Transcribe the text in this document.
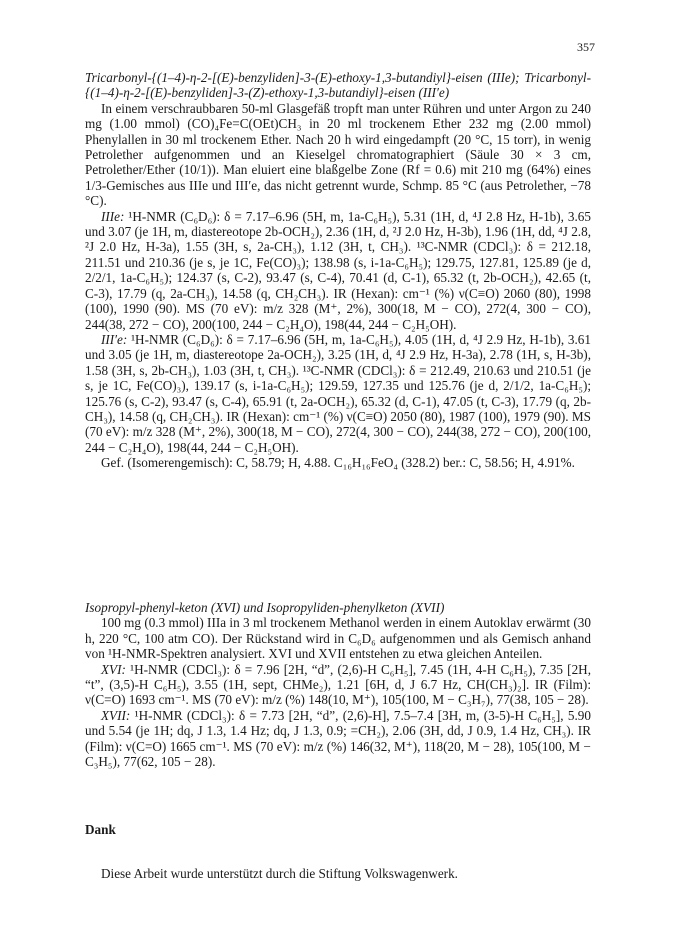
357

Tricarbonyl-{(1–4)-η-2-[(E)-benzyliden]-3-(E)-ethoxy-1,3-butandiyl}-eisen (IIIe); Tricarbonyl-{(1–4)-η-2-[(E)-benzyliden]-3-(Z)-ethoxy-1,3-butandiyl}-eisen (III′e)

In einem verschraubbaren 50-ml Glasgefäß tropft man unter Rühren und unter Argon zu 240 mg (1.00 mmol) (CO)₄Fe=C(OEt)CH₃ in 20 ml trockenem Ether 232 mg (2.00 mmol) Phenylallen in 30 ml trockenem Ether. Nach 20 h wird eingedampft (20 °C, 15 torr), in wenig Petrolether aufgenommen und an Kieselgel chromatographiert (Säule 30 × 3 cm, Petrolether/Ether (10/1)). Man eluiert eine blaßgelbe Zone (Rf = 0.6) mit 210 mg (64%) eines 1/3-Gemisches aus IIIe und III′e, das nicht getrennt wurde, Schmp. 85 °C (aus Petrolether, −78 °C).

IIIe: ¹H-NMR (C₆D₆): δ = 7.17–6.96 (5H, m, 1a-C₆H₅), 5.31 (1H, d, ⁴J 2.8 Hz, H-1b), 3.65 und 3.07 (je 1H, m, diastereotope 2b-OCH₂), 2.36 (1H, d, ²J 2.0 Hz, H-3b), 1.96 (1H, dd, ⁴J 2.8, ²J 2.0 Hz, H-3a), 1.55 (3H, s, 2a-CH₃), 1.12 (3H, t, CH₃). ¹³C-NMR (CDCl₃): δ = 212.18, 211.51 und 210.36 (je s, je 1C, Fe(CO)₃); 138.98 (s, i-1a-C₆H₅); 129.75, 127.81, 125.89 (je d, 2/2/1, 1a-C₆H₅); 124.37 (s, C-2), 93.47 (s, C-4), 70.41 (d, C-1), 65.32 (t, 2b-OCH₂), 42.65 (t, C-3), 17.79 (q, 2a-CH₃), 14.58 (q, CH₂CH₃). IR (Hexan): cm⁻¹ (%) ν(C≡O) 2060 (80), 1998 (100), 1990 (90). MS (70 eV): m/z 328 (M⁺, 2%), 300(18, M − CO), 272(4, 300 − CO), 244(38, 272 − CO), 200(100, 244 − C₂H₄O), 198(44, 244 − C₂H₅OH).

III′e: ¹H-NMR (C₆D₆): δ = 7.17–6.96 (5H, m, 1a-C₆H₅), 4.05 (1H, d, ⁴J 2.9 Hz, H-1b), 3.61 und 3.05 (je 1H, m, diastereotope 2a-OCH₂), 3.25 (1H, d, ⁴J 2.9 Hz, H-3a), 2.78 (1H, s, H-3b), 1.58 (3H, s, 2b-CH₃), 1.03 (3H, t, CH₃). ¹³C-NMR (CDCl₃): δ = 212.49, 210.63 und 210.51 (je s, je 1C, Fe(CO)₃), 139.17 (s, i-1a-C₆H₅); 129.59, 127.35 und 125.76 (je d, 2/1/2, 1a-C₆H₅); 125.76 (s, C-2), 93.47 (s, C-4), 65.91 (t, 2a-OCH₂), 65.32 (d, C-1), 47.05 (t, C-3), 17.79 (q, 2b-CH₃), 14.58 (q, CH₂CH₃). IR (Hexan): cm⁻¹ (%) ν(C≡O) 2050 (80), 1987 (100), 1979 (90). MS (70 eV): m/z 328 (M⁺, 2%), 300(18, M − CO), 272(4, 300 − CO), 244(38, 272 − CO), 200(100, 244 − C₂H₄O), 198(44, 244 − C₂H₅OH).

Gef. (Isomerengemisch): C, 58.79; H, 4.88. C₁₆H₁₆FeO₄ (328.2) ber.: C, 58.56; H, 4.91%.

Isopropyl-phenyl-keton (XVI) und Isopropyliden-phenylketon (XVII)

100 mg (0.3 mmol) IIIa in 3 ml trockenem Methanol werden in einem Autoklav erwärmt (30 h, 220 °C, 100 atm CO). Der Rückstand wird in C₆D₆ aufgenommen und als Gemisch anhand von ¹H-NMR-Spektren analysiert. XVI und XVII entstehen zu etwa gleichen Anteilen.

XVI: ¹H-NMR (CDCl₃): δ = 7.96 [2H, “d”, (2,6)-H C₆H₅], 7.45 (1H, 4-H C₆H₅), 7.35 [2H, “t”, (3,5)-H C₆H₅), 3.55 (1H, sept, CHMe₂), 1.21 [6H, d, J 6.7 Hz, CH(CH₃)₂]. IR (Film): ν(C=O) 1693 cm⁻¹. MS (70 eV): m/z (%) 148(10, M⁺), 105(100, M − C₃H₇), 77(38, 105 − 28).

XVII: ¹H-NMR (CDCl₃): δ = 7.73 [2H, “d”, (2,6)-H], 7.5–7.4 [3H, m, (3-5)-H C₆H₅], 5.90 und 5.54 (je 1H; dq, J 1.3, 1.4 Hz; dq, J 1.3, 0.9; =CH₂), 2.06 (3H, dd, J 0.9, 1.4 Hz, CH₃). IR (Film): ν(C=O) 1665 cm⁻¹. MS (70 eV): m/z (%) 146(32, M⁺), 118(20, M − 28), 105(100, M − C₃H₅), 77(62, 105 − 28).

Dank

Diese Arbeit wurde unterstützt durch die Stiftung Volkswagenwerk.
